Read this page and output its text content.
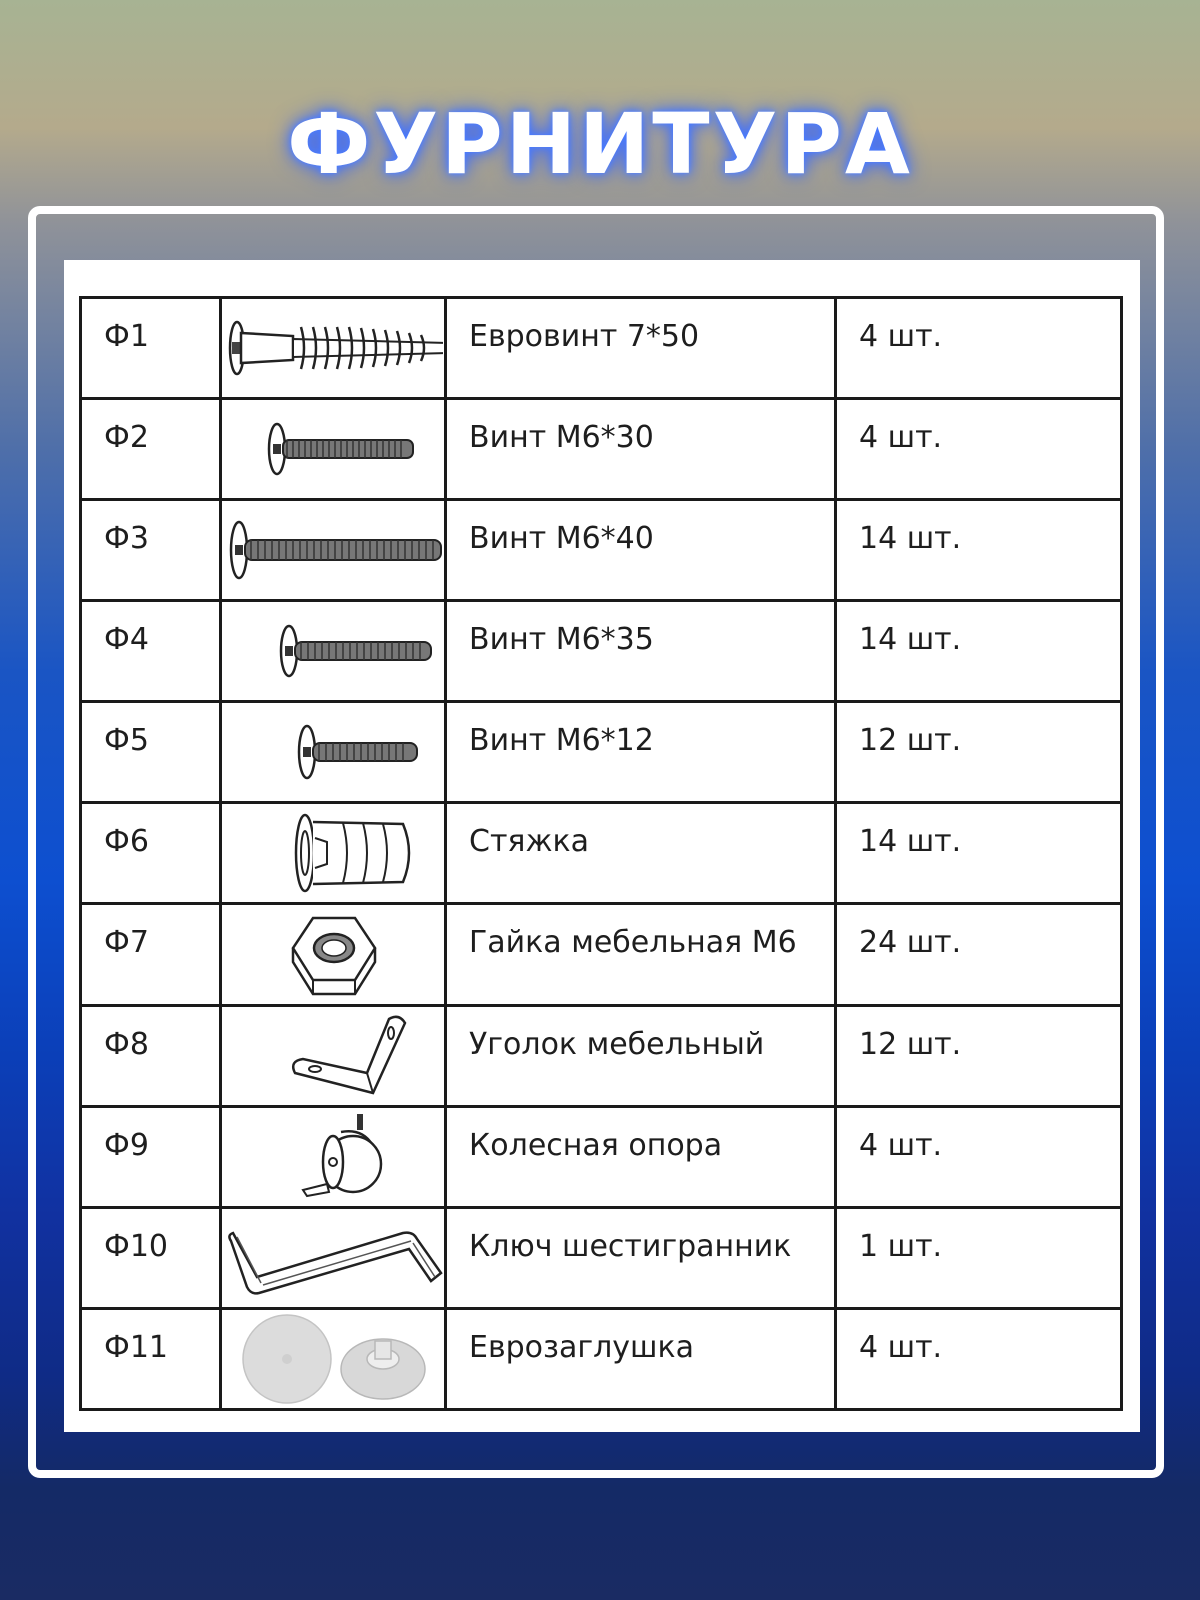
ФУРНИТУРА
Ф1		Евровинт 7*50	4 шт.
Ф2		Винт М6*30	4 шт.
Ф3		Винт М6*40	14 шт.
Ф4		Винт М6*35	14 шт.
Ф5		Винт М6*12	12 шт.
Ф6		Стяжка	14 шт.
Ф7		Гайка мебельная М6	24 шт.
Ф8		Уголок мебельный	12 шт.
Ф9		Колесная опора	4 шт.
Ф10		Ключ шестигранник	1 шт.
Ф11		Еврозаглушка	4 шт.
